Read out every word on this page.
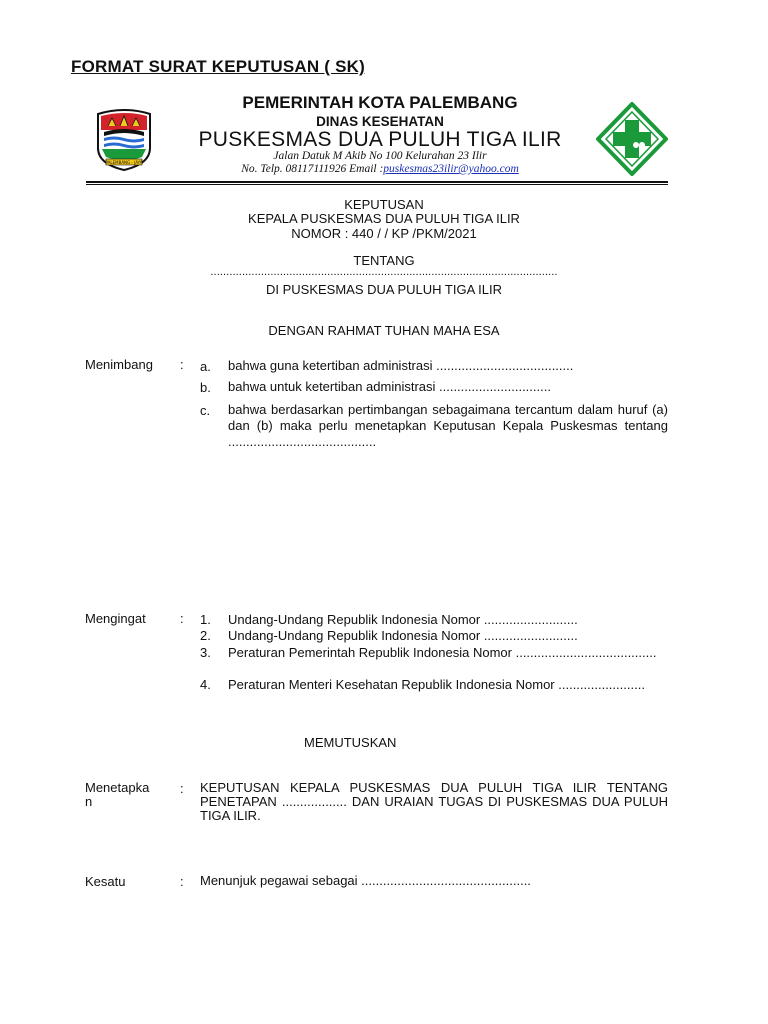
FORMAT SURAT KEPUTUSAN ( SK)
PALEMBANG - JAYA
PEMERINTAH KOTA PALEMBANG
DINAS KESEHATAN
PUSKESMAS DUA PULUH TIGA ILIR
Jalan Datuk M Akib No 100 Kelurahan 23 Ilir
No. Telp. 08117111926 Email :puskesmas23ilir@yahoo.com
KEPUTUSAN
KEPALA PUSKESMAS DUA PULUH TIGA ILIR
NOMOR : 440 / / KP /PKM/2021
TENTANG
..............................................................................................................
DI PUSKESMAS DUA PULUH TIGA ILIR
DENGAN RAHMAT TUHAN MAHA ESA
Menimbang : a. bahwa guna ketertiban administrasi ......................................
b. bahwa untuk ketertiban administrasi ...............................
c. bahwa berdasarkan pertimbangan sebagaimana tercantum dalam huruf (a) dan (b) maka perlu menetapkan Keputusan Kepala Puskesmas tentang .........................................
Mengingat	: 1. Undang-Undang Republik Indonesia Nomor ..........................
2. Undang-Undang Republik Indonesia Nomor ..........................
3. Peraturan Pemerintah Republik Indonesia Nomor .......................................
4. Peraturan Menteri Kesehatan Republik Indonesia Nomor ........................
MEMUTUSKAN
Menetapka
n
: KEPUTUSAN KEPALA PUSKESMAS DUA PULUH TIGA ILIR TENTANG PENETAPAN .................. DAN URAIAN TUGAS DI PUSKESMAS DUA PULUH TIGA ILIR.
Kesatu	: Menunjuk pegawai sebagai ...............................................
